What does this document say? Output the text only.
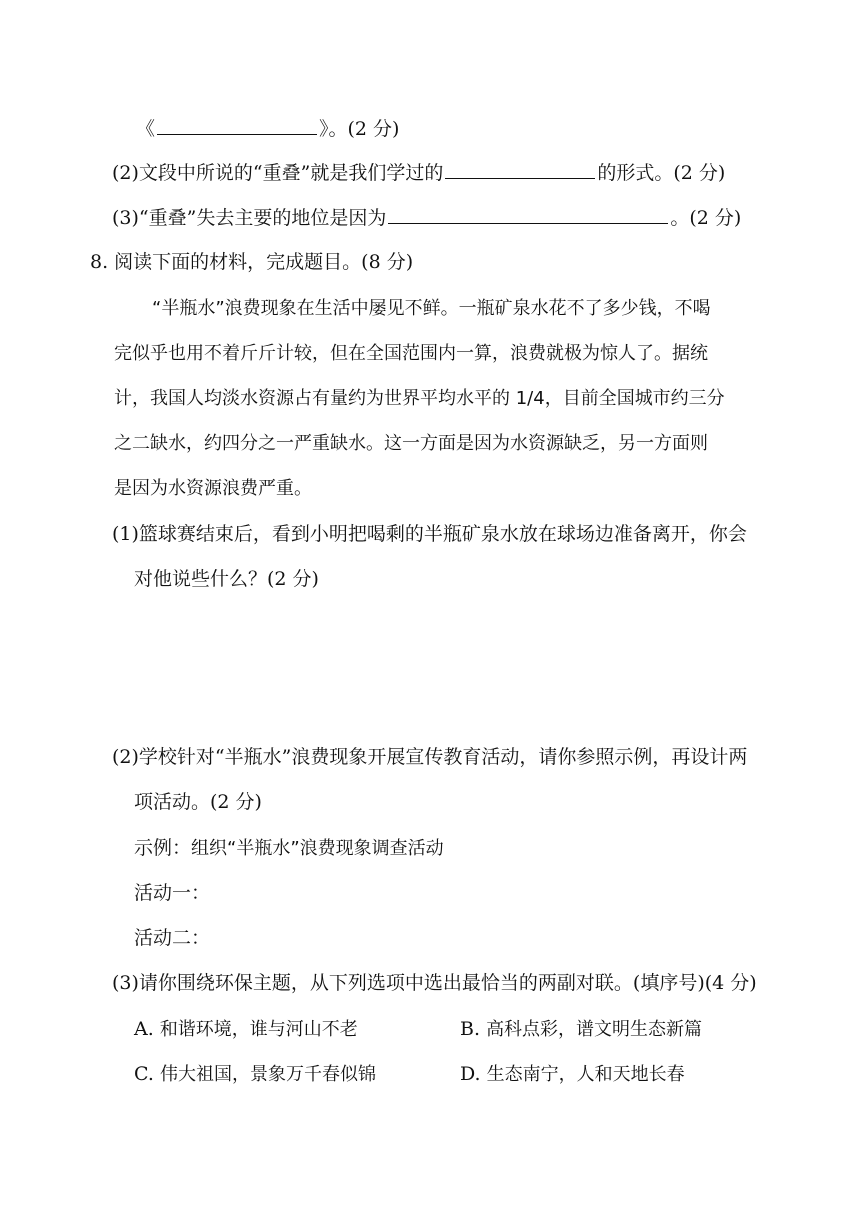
《	》。(2 分)
(2)文段中所说的“重叠”就是我们学过的	的形式。(2 分)
(3)“重叠”失去主要的地位是因为	。(2 分)
8. 阅读下面的材料，完成题目。(8 分)
“半瓶水”浪费现象在生活中屡见不鲜。一瓶矿泉水花不了多少钱，不喝
完似乎也用不着斤斤计较，但在全国范围内一算，浪费就极为惊人了。据统
计，我国人均淡水资源占有量约为世界平均水平的 1/4，目前全国城市约三分
之二缺水，约四分之一严重缺水。这一方面是因为水资源缺乏，另一方面则
是因为水资源浪费严重。
(1)篮球赛结束后，看到小明把喝剩的半瓶矿泉水放在球场边准备离开，你会
对他说些什么？(2 分)
(2)学校针对“半瓶水”浪费现象开展宣传教育活动，请你参照示例，再设计两
项活动。(2 分)
示例：组织“半瓶水”浪费现象调查活动
活动一：
活动二：
(3)请你围绕环保主题，从下列选项中选出最恰当的两副对联。(填序号)(4 分)
A. 和谐环境，谁与河山不老	B. 高科点彩，谱文明生态新篇
C. 伟大祖国，景象万千春似锦	D. 生态南宁，人和天地长春
